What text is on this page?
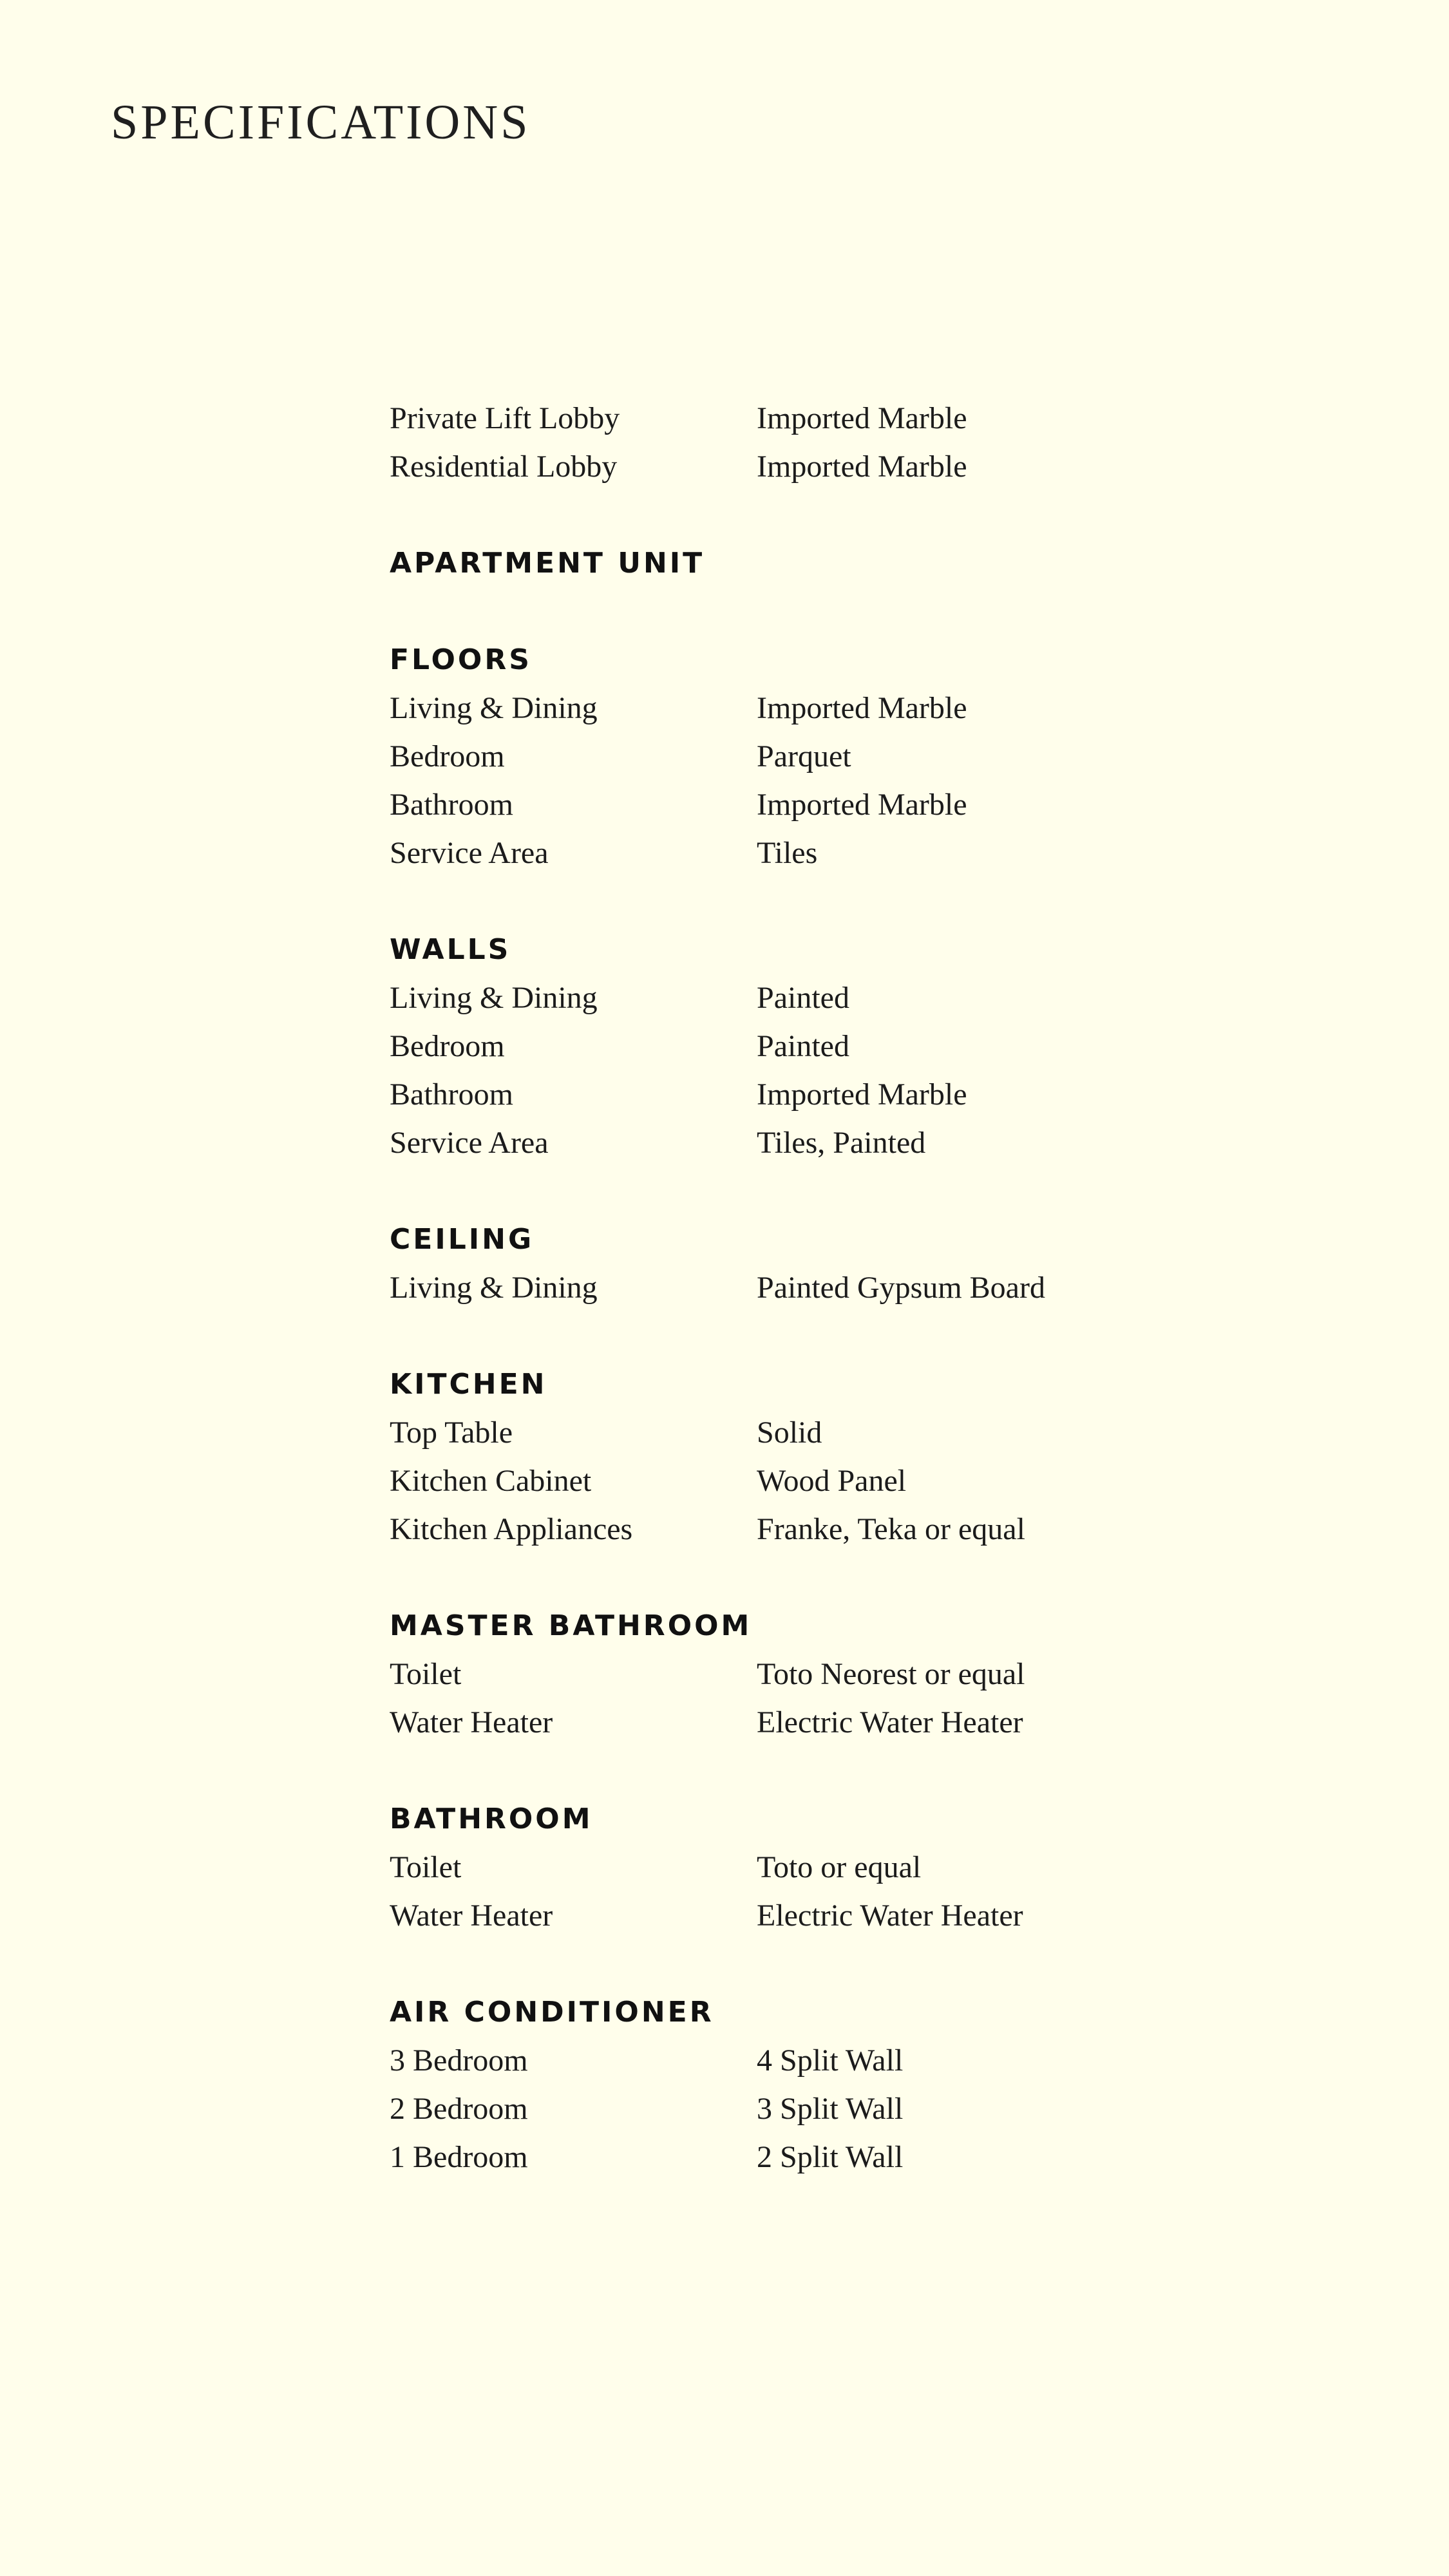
SPECIFICATIONS
Private Lift Lobby	Imported Marble
Residential Lobby	Imported Marble
APARTMENT UNIT
FLOORS
Living & Dining	Imported Marble
Bedroom	Parquet
Bathroom	Imported Marble
Service Area	Tiles
WALLS
Living & Dining	Painted
Bedroom	Painted
Bathroom	Imported Marble
Service Area	Tiles, Painted
CEILING
Living & Dining	Painted Gypsum Board
KITCHEN
Top Table	Solid
Kitchen Cabinet	Wood Panel
Kitchen Appliances	Franke, Teka or equal
MASTER BATHROOM
Toilet	Toto Neorest or equal
Water Heater	Electric Water Heater
BATHROOM
Toilet	Toto or equal
Water Heater	Electric Water Heater
AIR CONDITIONER
3 Bedroom	4 Split Wall
2 Bedroom	3 Split Wall
1 Bedroom	2 Split Wall
